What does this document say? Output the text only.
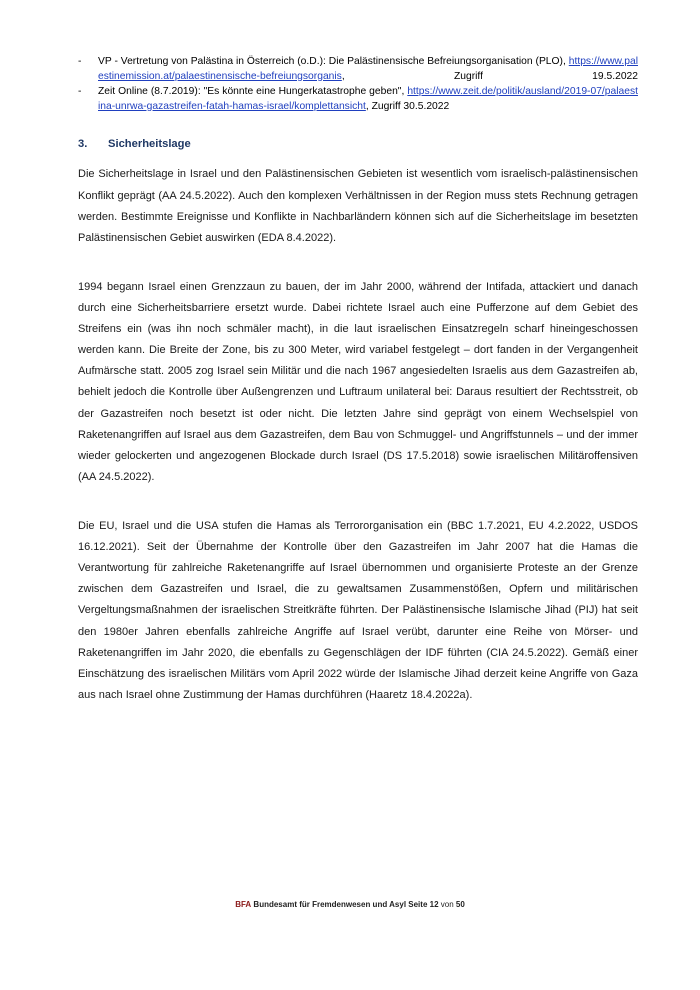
-	VP - Vertretung von Palästina in Österreich (o.D.): Die Palästinensische Befreiungsorganisation (PLO), https://www.palestinemission.at/palaestinensische-befreiungsorganis, Zugriff 19.5.2022
-	Zeit Online (8.7.2019): "Es könnte eine Hungerkatastrophe geben", https://www.zeit.de/politik/ausland/2019-07/palaestina-unrwa-gazastreifen-fatah-hamas-israel/komplettansicht, Zugriff 30.5.2022
3.	Sicherheitslage

Die Sicherheitslage in Israel und den Palästinensischen Gebieten ist wesentlich vom israelisch-palästinensischen Konflikt geprägt (AA 24.5.2022). Auch den komplexen Verhältnissen in der Region muss stets Rechnung getragen werden. Bestimmte Ereignisse und Konflikte in Nachbarländern können sich auf die Sicherheitslage im besetzten Palästinensischen Gebiet auswirken (EDA 8.4.2022).

1994 begann Israel einen Grenzzaun zu bauen, der im Jahr 2000, während der Intifada, attackiert und danach durch eine Sicherheitsbarriere ersetzt wurde. Dabei richtete Israel auch eine Pufferzone auf dem Gebiet des Streifens ein (was ihn noch schmäler macht), in die laut israelischen Einsatzregeln scharf hineingeschossen werden kann. Die Breite der Zone, bis zu 300 Meter, wird variabel festgelegt – dort fanden in der Vergangenheit Aufmärsche statt. 2005 zog Israel sein Militär und die nach 1967 angesiedelten Israelis aus dem Gazastreifen ab, behielt jedoch die Kontrolle über Außengrenzen und Luftraum unilateral bei: Daraus resultiert der Rechtsstreit, ob der Gazastreifen noch besetzt ist oder nicht. Die letzten Jahre sind geprägt von einem Wechselspiel von Raketenangriffen auf Israel aus dem Gazastreifen, dem Bau von Schmuggel- und Angriffstunnels – und der immer wieder gelockerten und angezogenen Blockade durch Israel (DS 17.5.2018) sowie israelischen Militäroffensiven (AA 24.5.2022).

Die EU, Israel und die USA stufen die Hamas als Terrororganisation ein (BBC 1.7.2021, EU 4.2.2022, USDOS 16.12.2021). Seit der Übernahme der Kontrolle über den Gazastreifen im Jahr 2007 hat die Hamas die Verantwortung für zahlreiche Raketenangriffe auf Israel übernommen und organisierte Proteste an der Grenze zwischen dem Gazastreifen und Israel, die zu gewaltsamen Zusammenstößen, Opfern und militärischen Vergeltungsmaßnahmen der israelischen Streitkräfte führten. Der Palästinensische Islamische Jihad (PIJ) hat seit den 1980er Jahren ebenfalls zahlreiche Angriffe auf Israel verübt, darunter eine Reihe von Mörser- und Raketenangriffen im Jahr 2020, die ebenfalls zu Gegenschlägen der IDF führten (CIA 24.5.2022). Gemäß einer Einschätzung des israelischen Militärs vom April 2022 würde der Islamische Jihad derzeit keine Angriffe von Gaza aus nach Israel ohne Zustimmung der Hamas durchführen (Haaretz 18.4.2022a).

BFA Bundesamt für Fremdenwesen und Asyl Seite 12 von 50
